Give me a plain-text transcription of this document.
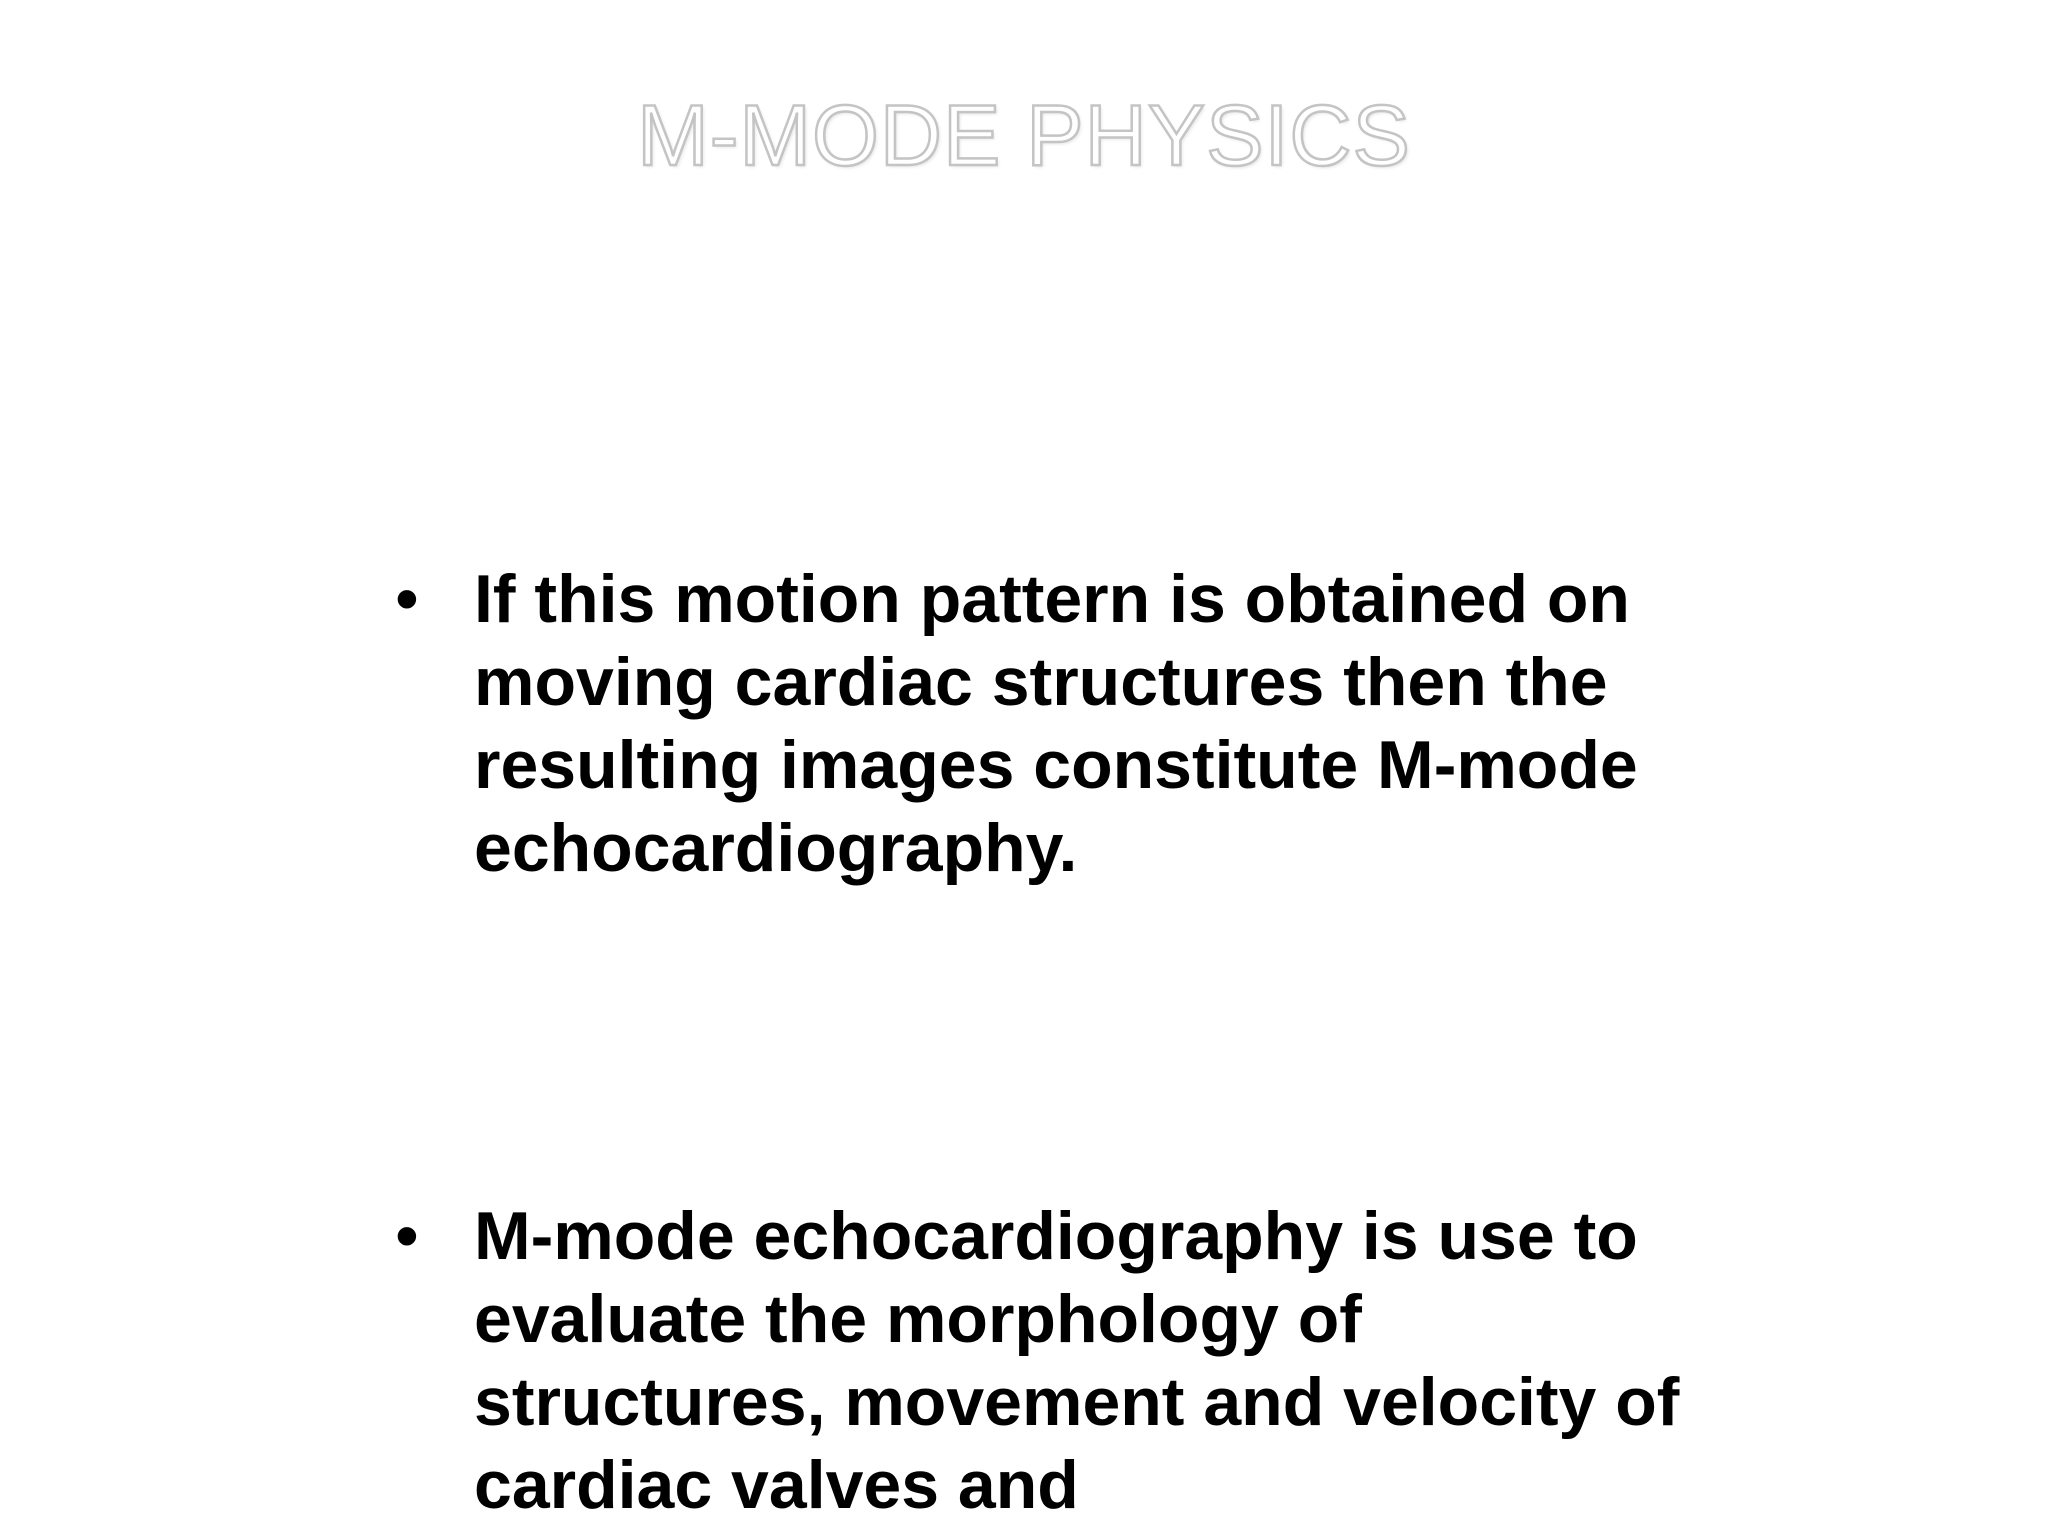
M-MODE PHYSICS
• If this motion pattern is obtained on moving cardiac structures then the resulting images constitute M-mode echocardiography.
• M-mode echocardiography is use to evaluate the morphology of structures, movement and velocity of cardiac valves and
